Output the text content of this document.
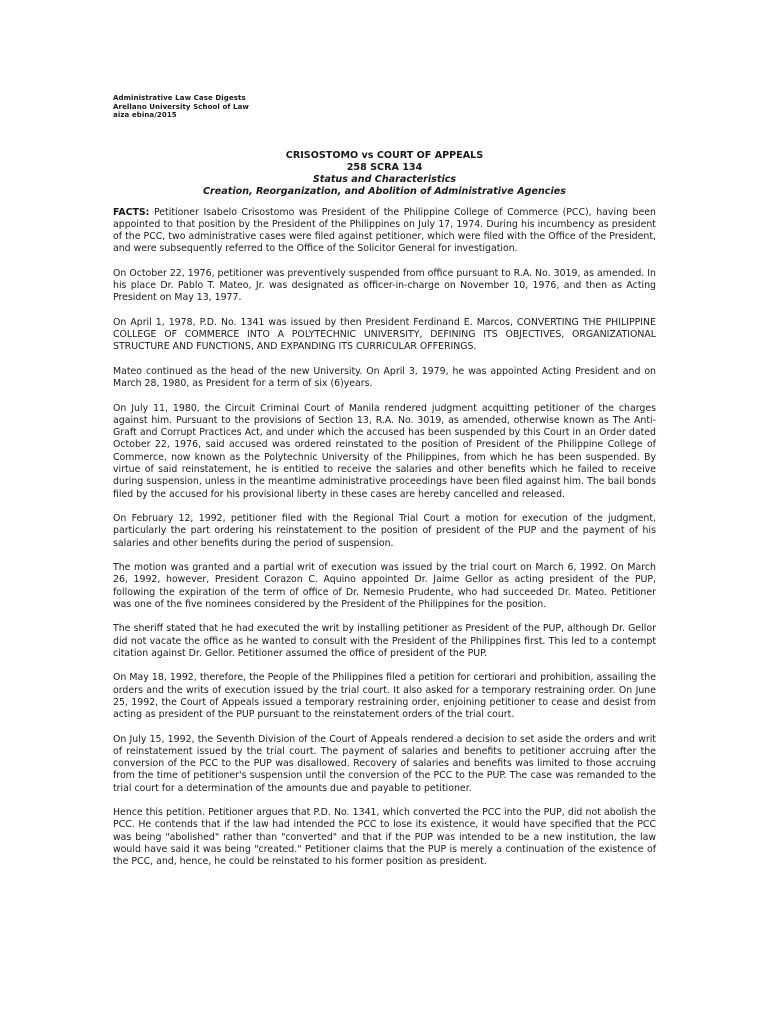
Administrative Law Case Digests
Arellano University School of Law
aiza ebina/2015
CRISOSTOMO vs COURT OF APPEALS
258 SCRA 134
Status and Characteristics
Creation, Reorganization, and Abolition of Administrative Agencies

FACTS: Petitioner Isabelo Crisostomo was President of the Philippine College of Commerce (PCC), having been appointed to that position by the President of the Philippines on July 17, 1974. During his incumbency as president of the PCC, two administrative cases were filed against petitioner, which were filed with the Office of the President, and were subsequently referred to the Office of the Solicitor General for investigation.

On October 22, 1976, petitioner was preventively suspended from office pursuant to R.A. No. 3019, as amended. In his place Dr. Pablo T. Mateo, Jr. was designated as officer-in-charge on November 10, 1976, and then as Acting President on May 13, 1977.

On April 1, 1978, P.D. No. 1341 was issued by then President Ferdinand E. Marcos, CONVERTING THE PHILIPPINE COLLEGE OF COMMERCE INTO A POLYTECHNIC UNIVERSITY, DEFINING ITS OBJECTIVES, ORGANIZATIONAL STRUCTURE AND FUNCTIONS, AND EXPANDING ITS CURRICULAR OFFERINGS.

Mateo continued as the head of the new University. On April 3, 1979, he was appointed Acting President and on March 28, 1980, as President for a term of six (6)years.

On July 11, 1980, the Circuit Criminal Court of Manila rendered judgment acquitting petitioner of the charges against him. Pursuant to the provisions of Section 13, R.A. No. 3019, as amended, otherwise known as The Anti-Graft and Corrupt Practices Act, and under which the accused has been suspended by this Court in an Order dated October 22, 1976, said accused was ordered reinstated to the position of President of the Philippine College of Commerce, now known as the Polytechnic University of the Philippines, from which he has been suspended. By virtue of said reinstatement, he is entitled to receive the salaries and other benefits which he failed to receive during suspension, unless in the meantime administrative proceedings have been filed against him. The bail bonds filed by the accused for his provisional liberty in these cases are hereby cancelled and released.

On February 12, 1992, petitioner filed with the Regional Trial Court a motion for execution of the judgment, particularly the part ordering his reinstatement to the position of president of the PUP and the payment of his salaries and other benefits during the period of suspension.

The motion was granted and a partial writ of execution was issued by the trial court on March 6, 1992. On March 26, 1992, however, President Corazon C. Aquino appointed Dr. Jaime Gellor as acting president of the PUP, following the expiration of the term of office of Dr. Nemesio Prudente, who had succeeded Dr. Mateo. Petitioner was one of the five nominees considered by the President of the Philippines for the position.

The sheriff stated that he had executed the writ by installing petitioner as President of the PUP, although Dr. Gellor did not vacate the office as he wanted to consult with the President of the Philippines first. This led to a contempt citation against Dr. Gellor. Petitioner assumed the office of president of the PUP.

On May 18, 1992, therefore, the People of the Philippines filed a petition for certiorari and prohibition, assailing the orders and the writs of execution issued by the trial court. It also asked for a temporary restraining order. On June 25, 1992, the Court of Appeals issued a temporary restraining order, enjoining petitioner to cease and desist from acting as president of the PUP pursuant to the reinstatement orders of the trial court.

On July 15, 1992, the Seventh Division of the Court of Appeals rendered a decision to set aside the orders and writ of reinstatement issued by the trial court. The payment of salaries and benefits to petitioner accruing after the conversion of the PCC to the PUP was disallowed. Recovery of salaries and benefits was limited to those accruing from the time of petitioner's suspension until the conversion of the PCC to the PUP. The case was remanded to the trial court for a determination of the amounts due and payable to petitioner.

Hence this petition. Petitioner argues that P.D. No. 1341, which converted the PCC into the PUP, did not abolish the PCC. He contends that if the law had intended the PCC to lose its existence, it would have specified that the PCC was being "abolished" rather than "converted" and that if the PUP was intended to be a new institution, the law would have said it was being "created." Petitioner claims that the PUP is merely a continuation of the existence of the PCC, and, hence, he could be reinstated to his former position as president.
